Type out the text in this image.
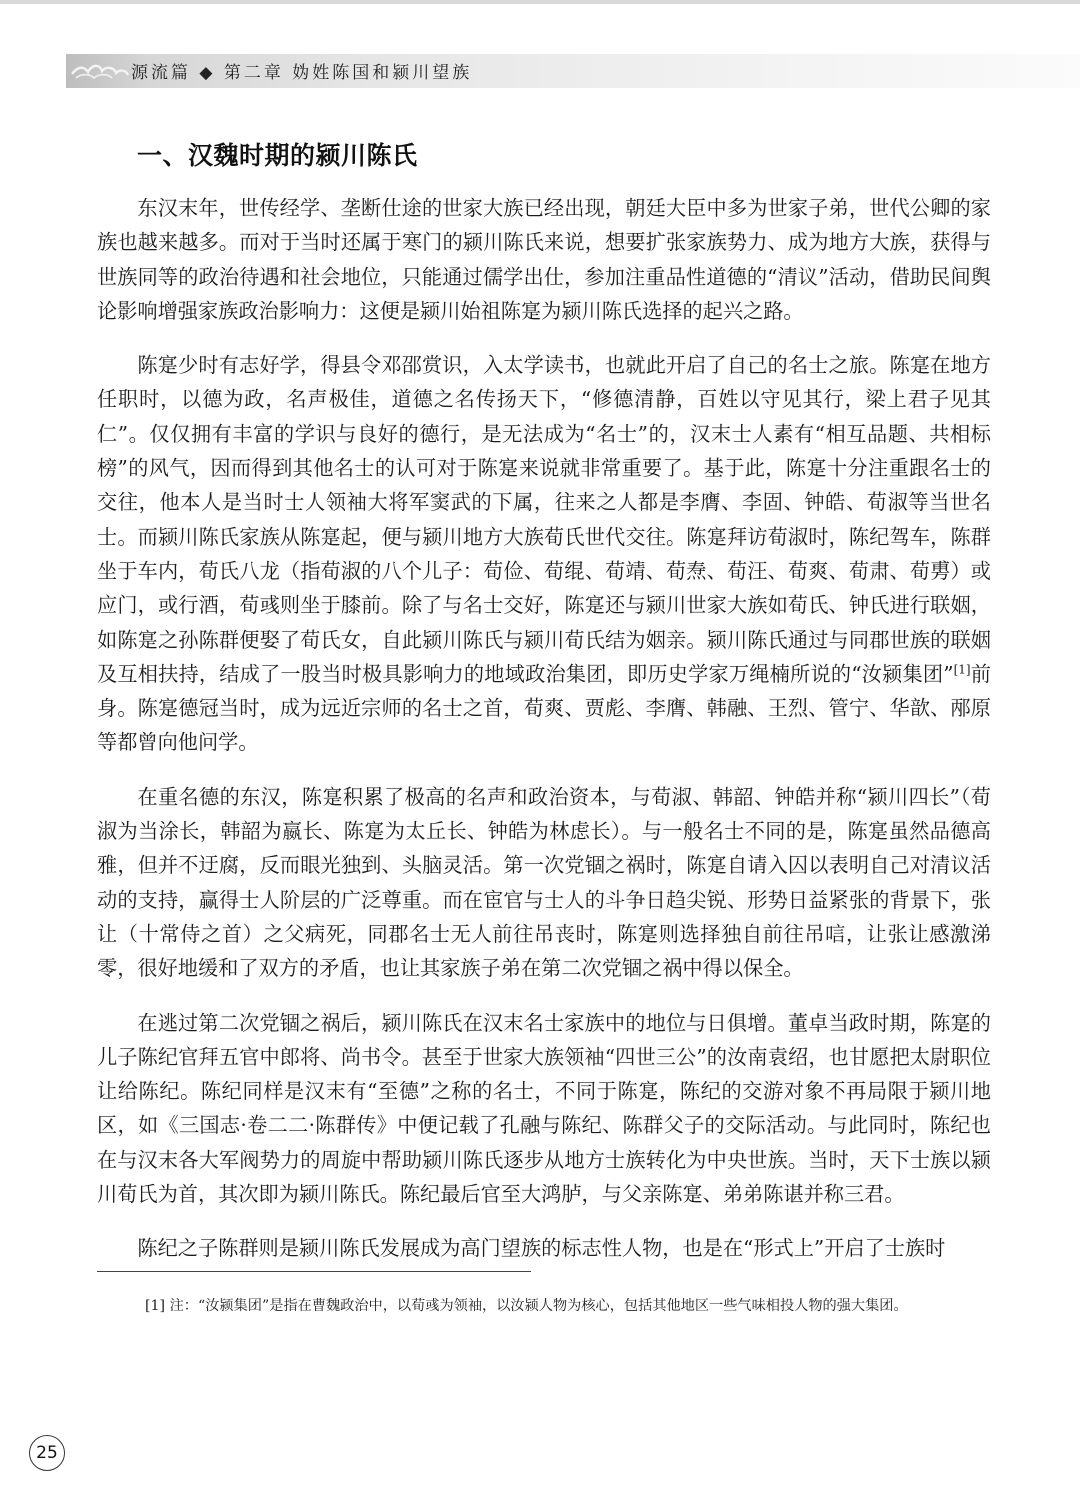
源流篇 ◆ 第二章 妫姓陈国和颍川望族
一、汉魏时期的颍川陈氏

东汉末年，世传经学、垄断仕途的世家大族已经出现，朝廷大臣中多为世家子弟，世代公卿的家族也越来越多。而对于当时还属于寒门的颍川陈氏来说，想要扩张家族势力、成为地方大族，获得与世族同等的政治待遇和社会地位，只能通过儒学出仕，参加注重品性道德的“清议”活动，借助民间舆论影响增强家族政治影响力：这便是颍川始祖陈寔为颍川陈氏选择的起兴之路。

陈寔少时有志好学，得县令邓邵赏识，入太学读书，也就此开启了自己的名士之旅。陈寔在地方任职时，以德为政，名声极佳，道德之名传扬天下，“修德清静，百姓以守见其行，梁上君子见其仁”。仅仅拥有丰富的学识与良好的德行，是无法成为“名士”的，汉末士人素有“相互品题、共相标榜”的风气，因而得到其他名士的认可对于陈寔来说就非常重要了。基于此，陈寔十分注重跟名士的交往，他本人是当时士人领袖大将军窦武的下属，往来之人都是李膺、李固、钟皓、荀淑等当世名士。而颍川陈氏家族从陈寔起，便与颍川地方大族荀氏世代交往。陈寔拜访荀淑时，陈纪驾车，陈群坐于车内，荀氏八龙（指荀淑的八个儿子：荀俭、荀绲、荀靖、荀焘、荀汪、荀爽、荀肃、荀旉）或应门，或行酒，荀彧则坐于膝前。除了与名士交好，陈寔还与颍川世家大族如荀氏、钟氏进行联姻，如陈寔之孙陈群便娶了荀氏女，自此颍川陈氏与颍川荀氏结为姻亲。颍川陈氏通过与同郡世族的联姻及互相扶持，结成了一股当时极具影响力的地域政治集团，即历史学家万绳楠所说的“汝颍集团”[1]前身。陈寔德冠当时，成为远近宗师的名士之首，荀爽、贾彪、李膺、韩融、王烈、管宁、华歆、邴原等都曾向他问学。

在重名德的东汉，陈寔积累了极高的名声和政治资本，与荀淑、韩韶、钟皓并称“颍川四长”（荀淑为当涂长，韩韶为嬴长、陈寔为太丘长、钟皓为林虑长）。与一般名士不同的是，陈寔虽然品德高雅，但并不迂腐，反而眼光独到、头脑灵活。第一次党锢之祸时，陈寔自请入囚以表明自己对清议活动的支持，赢得士人阶层的广泛尊重。而在宦官与士人的斗争日趋尖锐、形势日益紧张的背景下，张让（十常侍之首）之父病死，同郡名士无人前往吊丧时，陈寔则选择独自前往吊唁，让张让感激涕零，很好地缓和了双方的矛盾，也让其家族子弟在第二次党锢之祸中得以保全。

在逃过第二次党锢之祸后，颍川陈氏在汉末名士家族中的地位与日俱增。董卓当政时期，陈寔的儿子陈纪官拜五官中郎将、尚书令。甚至于世家大族领袖“四世三公”的汝南袁绍，也甘愿把太尉职位让给陈纪。陈纪同样是汉末有“至德”之称的名士，不同于陈寔，陈纪的交游对象不再局限于颍川地区，如《三国志·卷二二·陈群传》中便记载了孔融与陈纪、陈群父子的交际活动。与此同时，陈纪也在与汉末各大军阀势力的周旋中帮助颍川陈氏逐步从地方士族转化为中央世族。当时，天下士族以颍川荀氏为首，其次即为颍川陈氏。陈纪最后官至大鸿胪，与父亲陈寔、弟弟陈谌并称三君。

陈纪之子陈群则是颍川陈氏发展成为高门望族的标志性人物，也是在“形式上”开启了士族时

[1] 注：“汝颍集团”是指在曹魏政治中，以荀彧为领袖，以汝颍人物为核心，包括其他地区一些气味相投人物的强大集团。

25
